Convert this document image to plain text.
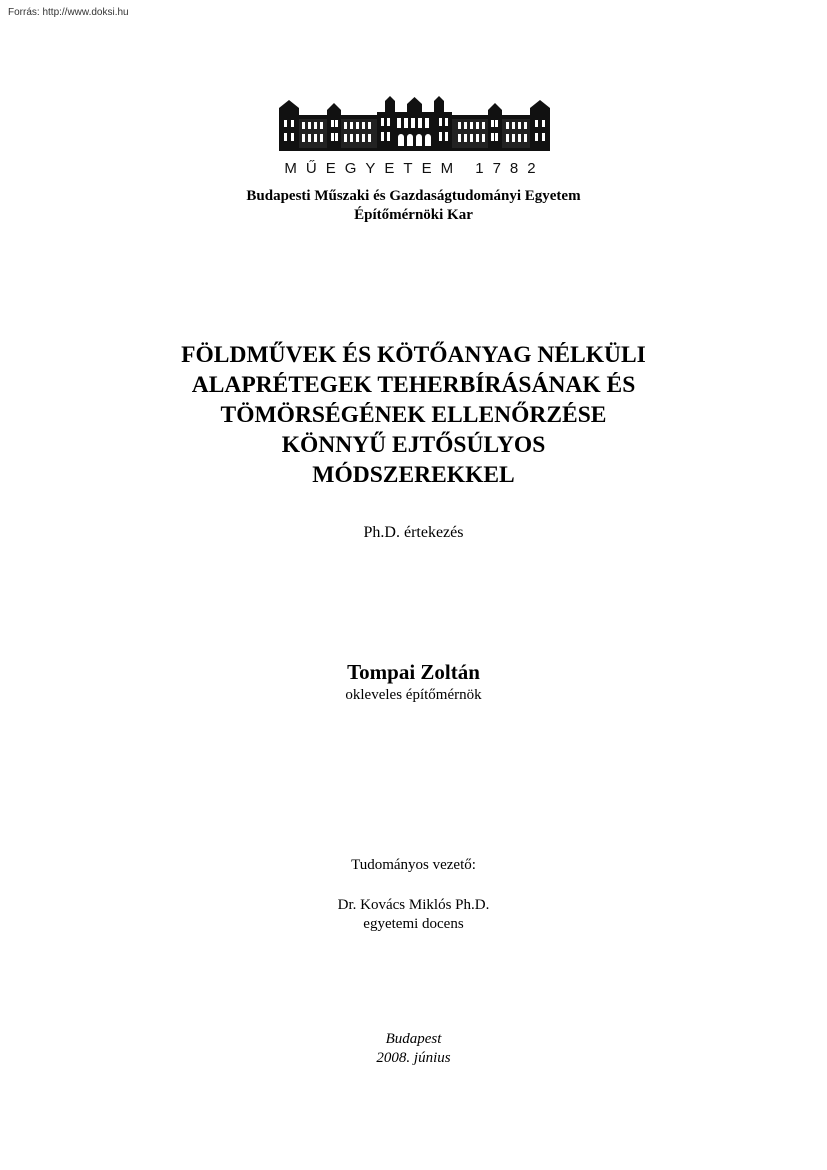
Forrás: http://www.doksi.hu
MŰEGYETEM 1782
Budapesti Műszaki és Gazdaságtudományi Egyetem
Építőmérnöki Kar
FÖLDMŰVEK ÉS KÖTŐANYAG NÉLKÜLI
ALAPRÉTEGEK TEHERBÍRÁSÁNAK ÉS
TÖMÖRSÉGÉNEK ELLENŐRZÉSE
KÖNNYŰ EJTŐSÚLYOS
MÓDSZEREKKEL
Ph.D. értekezés
Tompai Zoltán
okleveles építőmérnök
Tudományos vezető:
Dr. Kovács Miklós Ph.D.
egyetemi docens
Budapest
2008. június
